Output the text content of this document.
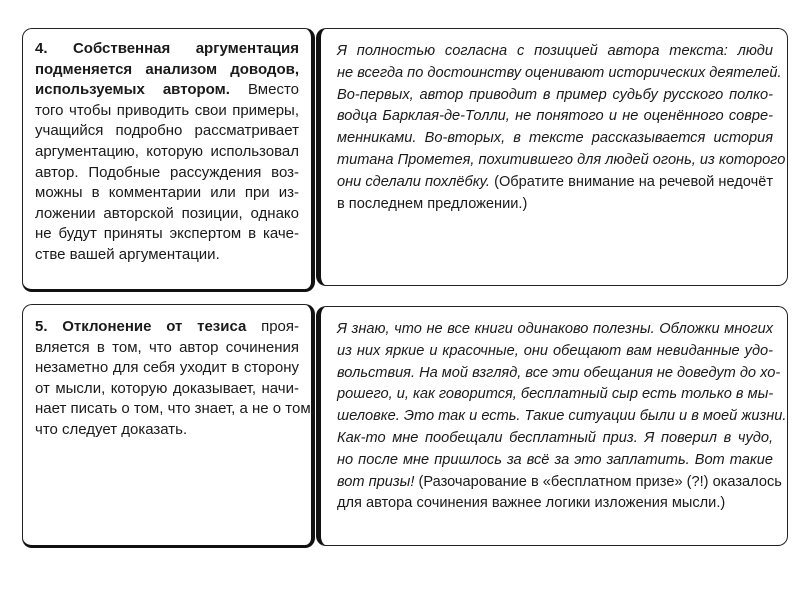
4. Собственная аргументация
подменяется анализом доводов,
используемых автором. Вместо
того чтобы приводить свои примеры,
учащийся подробно рассматривает
аргументацию, которую использовал
автор. Подобные рассуждения воз-
можны в комментарии или при из-
ложении авторской позиции, однако
не будут приняты экспертом в каче-
стве вашей аргументации.
Я полностью согласна с позицией автора текста: люди
не всегда по достоинству оценивают исторических деятелей.
Во-первых, автор приводит в пример судьбу русского полко-
водца Барклая-де-Толли, не понятого и не оценённого совре-
менниками. Во-вторых, в тексте рассказывается история
титана Прометея, похитившего для людей огонь, из которого
они сделали похлёбку. (Обратите внимание на речевой недочёт
в последнем предложении.)
5. Отклонение от тезиса проя-
вляется в том, что автор сочинения
незаметно для себя уходит в сторону
от мысли, которую доказывает, начи-
нает писать о том, что знает, а не о том,
что следует доказать.
Я знаю, что не все книги одинаково полезны. Обложки многих
из них яркие и красочные, они обещают вам невиданные удо-
вольствия. На мой взгляд, все эти обещания не доведут до хо-
рошего, и, как говорится, бесплатный сыр есть только в мы-
шеловке. Это так и есть. Такие ситуации были и в моей жизни.
Как-то мне пообещали бесплатный приз. Я поверил в чудо,
но после мне пришлось за всё за это заплатить. Вот такие
вот призы! (Разочарование в «бесплатном призе» (?!) оказалось
для автора сочинения важнее логики изложения мысли.)
